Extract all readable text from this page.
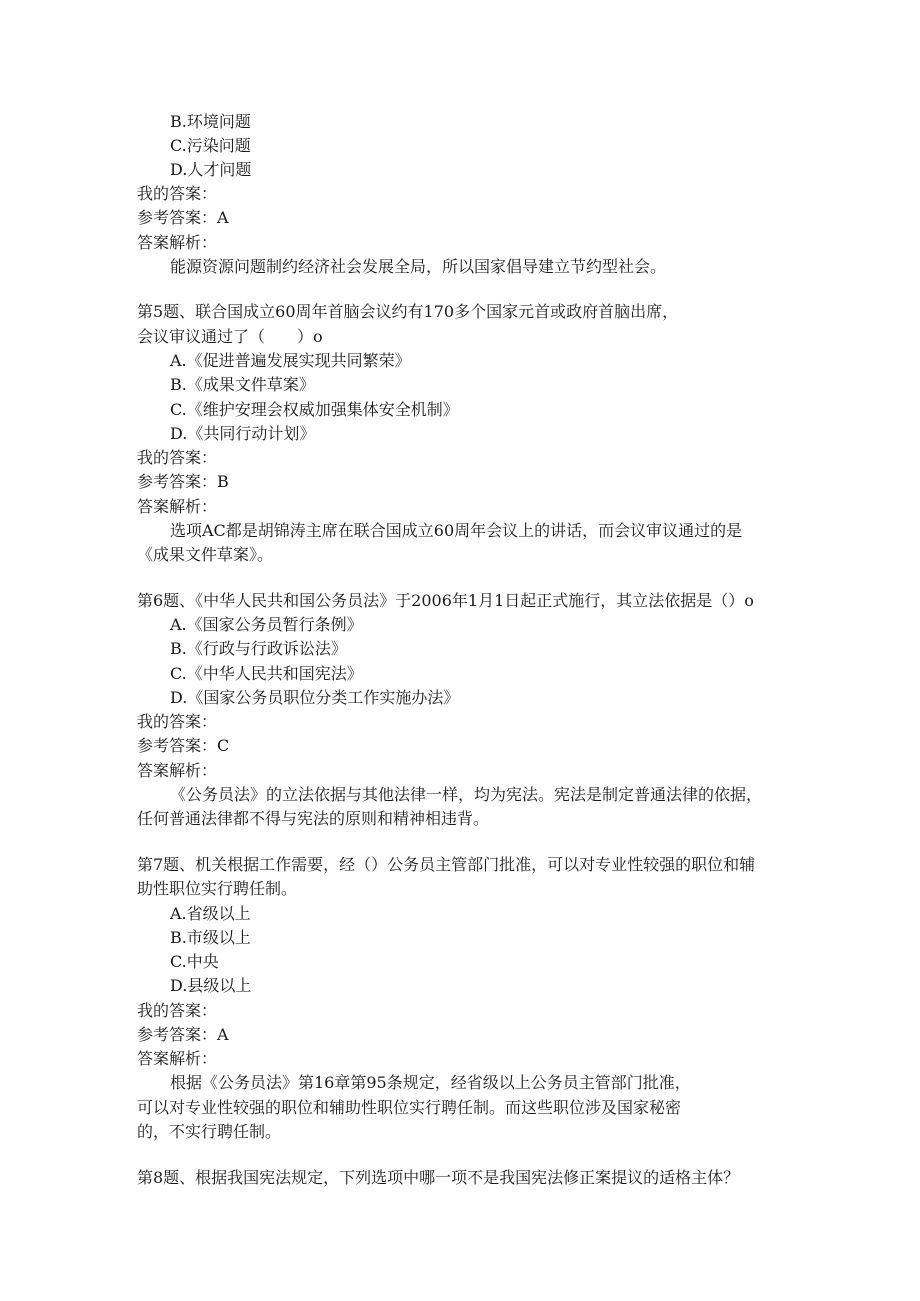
B.环境问题
C.污染问题
D.人才问题
我的答案：
参考答案：A
答案解析：
能源资源问题制约经济社会发展全局，所以国家倡导建立节约型社会。
第5题、联合国成立60周年首脑会议约有170多个国家元首或政府首脑出席，
会议审议通过了（　　）o
A.《促进普遍发展实现共同繁荣》
B.《成果文件草案》
C.《维护安理会权威加强集体安全机制》
D.《共同行动计划》
我的答案：
参考答案：B
答案解析：
选项AC都是胡锦涛主席在联合国成立60周年会议上的讲话，而会议审议通过的是
《成果文件草案》。
第6题、《中华人民共和国公务员法》于2006年1月1日起正式施行，其立法依据是（）o
A.《国家公务员暂行条例》
B.《行政与行政诉讼法》
C.《中华人民共和国宪法》
D.《国家公务员职位分类工作实施办法》
我的答案：
参考答案：C
答案解析：
《公务员法》的立法依据与其他法律一样，均为宪法。宪法是制定普通法律的依据，
任何普通法律都不得与宪法的原则和精神相违背。
第7题、机关根据工作需要，经（）公务员主管部门批准，可以对专业性较强的职位和辅
助性职位实行聘任制。
A.省级以上
B.市级以上
C.中央
D.县级以上
我的答案：
参考答案：A
答案解析：
根据《公务员法》第16章第95条规定，经省级以上公务员主管部门批准，
可以对专业性较强的职位和辅助性职位实行聘任制。而这些职位涉及国家秘密
的，不实行聘任制。
第8题、根据我国宪法规定，下列选项中哪一项不是我国宪法修正案提议的适格主体？
